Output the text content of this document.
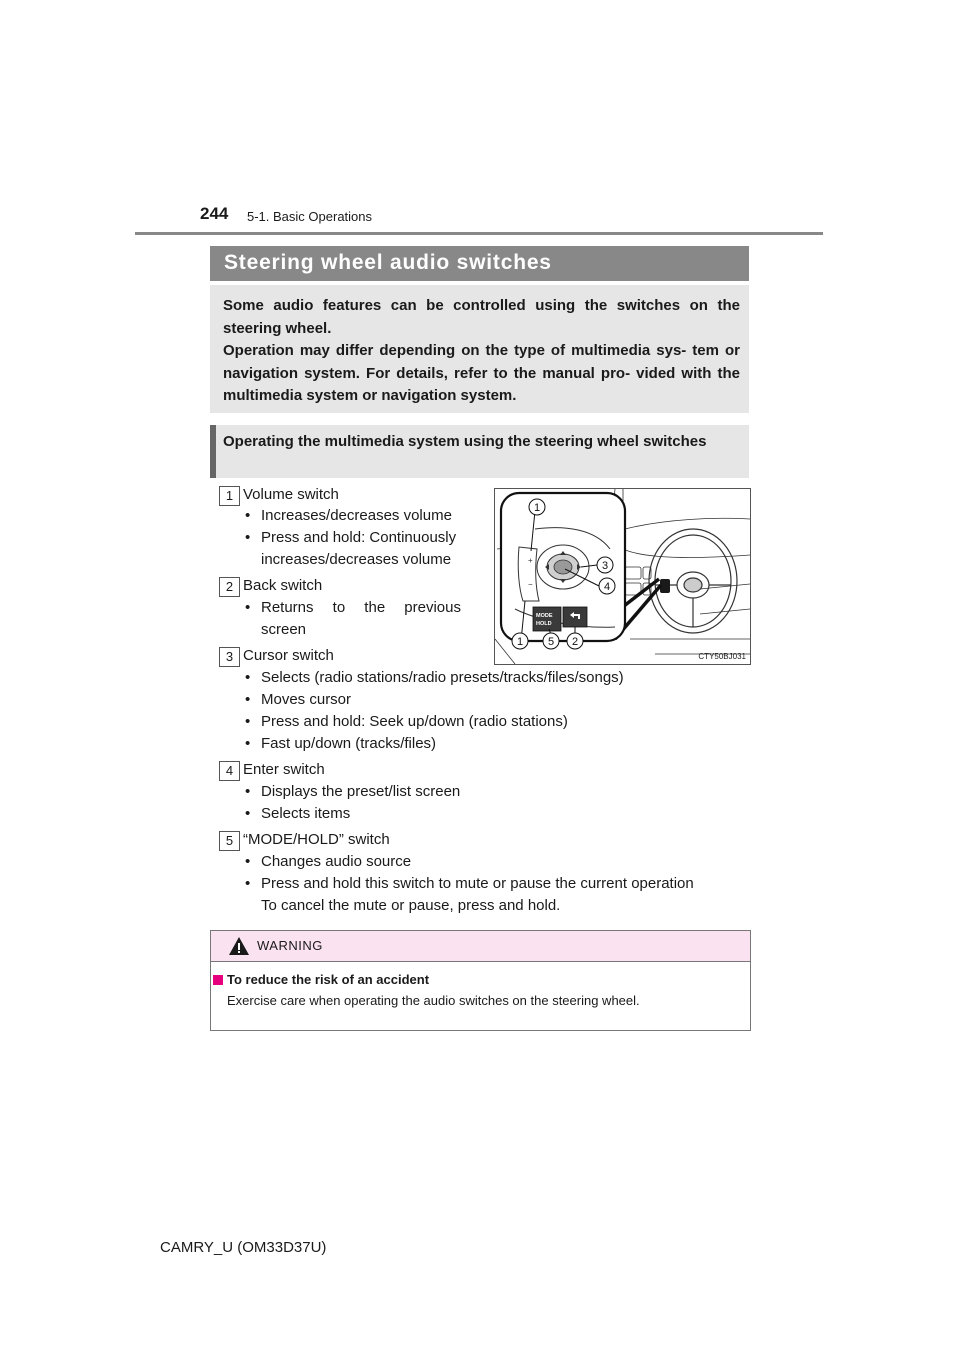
244 5-1. Basic Operations
Steering wheel audio switches

Some audio features can be controlled using the switches on the steering wheel.

Operation may differ depending on the type of multimedia sys- tem or navigation system. For details, refer to the manual pro- vided with the multimedia system or navigation system.

Operating the multimedia system using the steering wheel switches

1 Volume switch
• Increases/decreases volume
• Press and hold: Continuously
increases/decreases volume
2 Back switch
• Returns to the previous
screen
3 Cursor switch
• Selects (radio stations/radio presets/tracks/files/songs)
• Moves cursor
• Press and hold: Seek up/down (radio stations)
• Fast up/down (tracks/files)
4 Enter switch
• Displays the preset/list screen
• Selects items
5 “MODE/HOLD” switch
• Changes audio source
• Press and hold this switch to mute or pause the current operation
To cancel the mute or pause, press and hold.
+
−
MODE
HOLD
1
3
4
1 5 2
CTY50BJ031
WARNING
To reduce the risk of an accident
Exercise care when operating the audio switches on the steering wheel.
CAMRY_U (OM33D37U)
